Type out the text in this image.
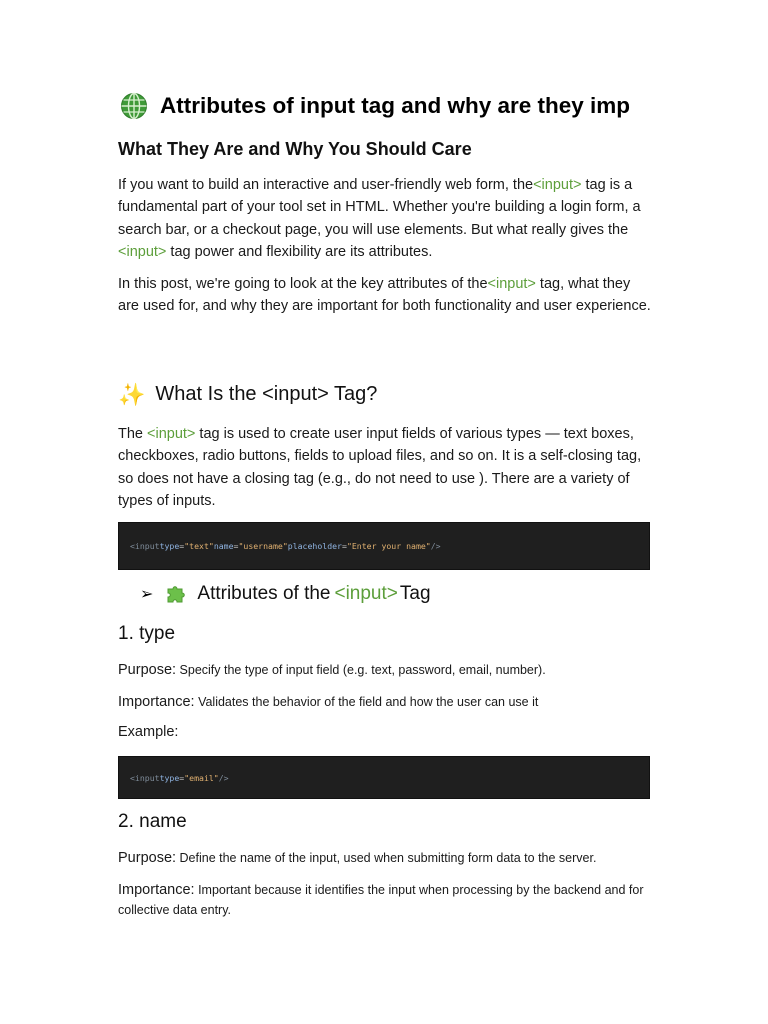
Attributes of input tag and why are they imp
What They Are and Why You Should Care
If you want to build an interactive and user-friendly web form, the<input> tag is a fundamental part of your tool set in HTML. Whether you're building a login form, a search bar, or a checkout page, you will use elements. But what really gives the <input> tag power and flexibility are its attributes.
In this post, we're going to look at the key attributes of the<input> tag, what they are used for, and why they are important for both functionality and user experience.
✨ What Is the <input> Tag?
The <input> tag is used to create user input fields of various types — text boxes, checkboxes, radio buttons, fields to upload files, and so on. It is a self-closing tag, so does not have a closing tag (e.g., do not need to use ). There are a variety of types of inputs.
<input type = "text" name = "username" placeholder = "Enter your name" />
➢ Attributes of the <input> Tag
1. type
Purpose: Specify the type of input field (e.g. text, password, email, number).
Importance: Validates the behavior of the field and how the user can use it
Example:
<input type = "email" />
2. name
Purpose: Define the name of the input, used when submitting form data to the server.
Importance: Important because it identifies the input when processing by the backend and for collective data entry.
